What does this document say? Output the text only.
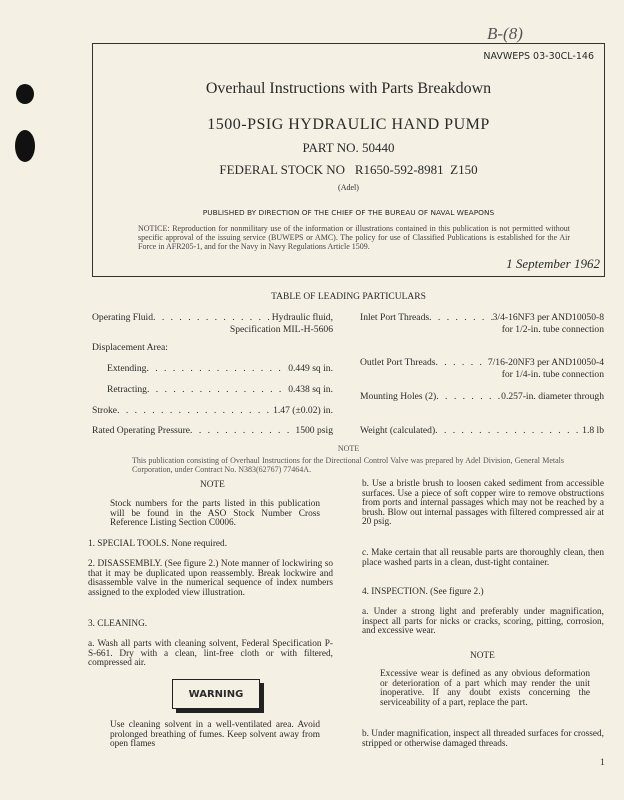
B-(8)
NAVWEPS 03-30CL-146
Overhaul Instructions with Parts Breakdown
1500-PSIG HYDRAULIC HAND PUMP
PART NO. 50440
FEDERAL STOCK NO   R1650-592-8981  Z150
(Adel)
PUBLISHED BY DIRECTION OF THE CHIEF OF THE BUREAU OF NAVAL WEAPONS
NOTICE: Reproduction for nonmilitary use of the information or illustrations contained in this publication is not permitted without specific approval of the issuing service (BUWEPS or AMC). The policy for use of Classified Publications is established for the Air Force in AFR205-1, and for the Navy in Navy Regulations Article 1509.
1 September 1962
TABLE OF LEADING PARTICULARS
Operating Fluid . . .	Hydraulic fluid,
Specification MIL-H-5606
Displacement Area:
Extending . . .	0.449 sq in.
Retracting . . .	0.438 sq in.
Stroke . . .	1.47 (±0.02) in.
Rated Operating Pressure . . .	1500 psig
Inlet Port Threads . . .	3/4-16NF3 per AND10050-8
for 1/2-in. tube connection
Outlet Port Threads . . .	7/16-20NF3 per AND10050-4
for 1/4-in. tube connection
Mounting Holes (2) . . .	0.257-in. diameter through
Weight (calculated) . . .	1.8 lb
NOTE
This publication consisting of Overhaul Instructions for the Directional Control Valve was prepared by Adel Division, General Metals Corporation, under Contract No. N383(62767) 77464A.
NOTE
Stock numbers for the parts listed in this publication will be found in the ASO Stock Number Cross Reference Listing Section C0006.
1. SPECIAL TOOLS. None required.
2. DISASSEMBLY. (See figure 2.) Note manner of lockwiring so that it may be duplicated upon reassembly. Break lockwire and disassemble valve in the numerical sequence of index numbers assigned to the exploded view illustration.
3. CLEANING.
a. Wash all parts with cleaning solvent, Federal Specification P-S-661. Dry with a clean, lint-free cloth or with filtered, compressed air.
WARNING
Use cleaning solvent in a well-ventilated area. Avoid prolonged breathing of fumes. Keep solvent away from open flames
b. Use a bristle brush to loosen caked sediment from accessible surfaces. Use a piece of soft copper wire to remove obstructions from ports and internal passages which may not be reached by a brush. Blow out internal passages with filtered compressed air at 20 psig.
c. Make certain that all reusable parts are thoroughly clean, then place washed parts in a clean, dust-tight container.
4. INSPECTION. (See figure 2.)
a. Under a strong light and preferably under magnification, inspect all parts for nicks or cracks, scoring, pitting, corrosion, and excessive wear.
NOTE
Excessive wear is defined as any obvious deformation or deterioration of a part which may render the unit inoperative. If any doubt exists concerning the serviceability of a part, replace the part.
b. Under magnification, inspect all threaded surfaces for crossed, stripped or otherwise damaged threads.
1
